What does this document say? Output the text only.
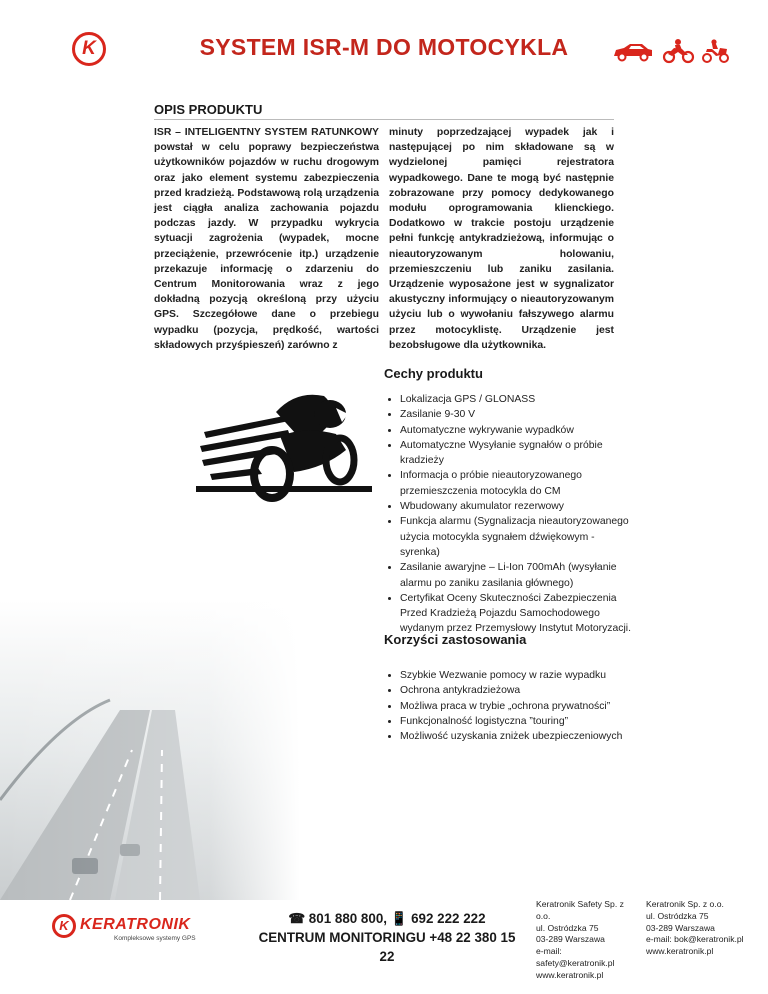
K	SYSTEM ISR-M DO MOTOCYKLA
OPIS PRODUKTU
ISR – INTELIGENTNY SYSTEM RATUNKOWY powstał w celu poprawy bezpieczeństwa użytkowników pojazdów w ruchu drogowym oraz jako element systemu zabezpieczenia przed kradzieżą. Podstawową rolą urządzenia jest ciągła analiza zachowania pojazdu podczas jazdy. W przypadku wykrycia sytuacji zagrożenia (wypadek, mocne przeciążenie, przewrócenie itp.) urządzenie przekazuje informację o zdarzeniu do Centrum Monitorowania wraz z jego dokładną pozycją określoną przy użyciu GPS. Szczegółowe dane o przebiegu wypadku (pozycja, prędkość, wartości składowych przyśpieszeń) zarówno z
minuty poprzedzającej wypadek jak i następującej po nim składowane są w wydzielonej pamięci rejestratora wypadkowego. Dane te mogą być następnie zobrazowane przy pomocy dedykowanego modułu oprogramowania klienckiego. Dodatkowo w trakcie postoju urządzenie pełni funkcję antykradzieżową, informując o nieautoryzowanym holowaniu, przemieszczeniu lub zaniku zasilania. Urządzenie wyposażone jest w sygnalizator akustyczny informujący o nieautoryzowanym użyciu lub o wywołaniu fałszywego alarmu przez motocyklistę. Urządzenie jest bezobsługowe dla użytkownika.
Cechy produktu
• Lokalizacja GPS / GLONASS
• Zasilanie 9-30 V
• Automatyczne wykrywanie wypadków
• Automatyczne Wysyłanie sygnałów o próbie kradzieży
• Informacja o próbie nieautoryzowanego przemieszczenia motocykla do CM
• Wbudowany akumulator rezerwowy
• Funkcja alarmu (Sygnalizacja nieautoryzowanego użycia motocykla sygnałem dźwiękowym - syrenka)
• Zasilanie awaryjne – Li-Ion 700mAh (wysyłanie alarmu po zaniku zasilania głównego)
• Certyfikat Oceny Skuteczności Zabezpieczenia Przed Kradzieżą Pojazdu Samochodowego wydanym przez Przemysłowy Instytut Motoryzacji.
Korzyści zastosowania
• Szybkie Wezwanie pomocy w razie wypadku
• Ochrona antykradzieżowa
• Możliwa praca w trybie „ochrona prywatności”
• Funkcjonalność logistyczna ”touring”
• Możliwość uzyskania zniżek ubezpieczeniowych
K KERATRONIK
Kompleksowe systemy GPS
☎ 801 880 800, 📱 692 222 222
CENTRUM MONITORINGU +48 22 380 15 22
Keratronik Safety Sp. z o.o.
ul. Ostródzka 75
03-289 Warszawa
e-mail: safety@keratronik.pl
www.keratronik.pl
Keratronik Sp. z o.o.
ul. Ostródzka 75
03-289 Warszawa
e-mail: bok@keratronik.pl
www.keratronik.pl
